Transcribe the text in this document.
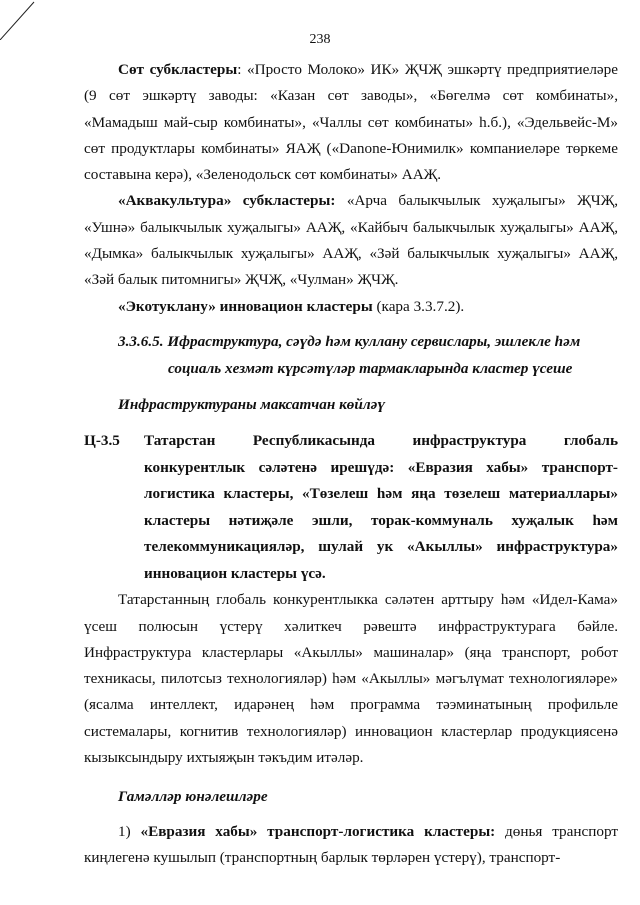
238

Сөт субкластеры: «Просто Молоко» ИК» ҖЧҖ эшкәртү предприятиеләре (9 сөт эшкәртү заводы: «Казан сөт заводы», «Бөгелмә сөт комбинаты», «Мамадыш май-сыр комбинаты», «Чаллы сөт комбинаты» һ.б.), «Эдельвейс-М» сөт продуктлары комбинаты» ЯАҖ («Danone-Юнимилк» компаниеләре төркеме составына керә), «Зеленодольск сөт комбинаты» ААҖ.

«Аквакультура» субкластеры: «Арча балыкчылык хуҗалыгы» ҖЧҖ, «Ушнә» балыкчылык хуҗалыгы» ААҖ, «Кайбыч балыкчылык хуҗалыгы» ААҖ, «Дымка» балыкчылык хуҗалыгы» ААҖ, «Зәй балыкчылык хуҗалыгы» ААҖ, «Зәй балык питомнигы» ҖЧҖ, «Чулман» ҖЧҖ.

«Экотуклану» инновацион кластеры (кара 3.3.7.2).

3.3.6.5. Ифраструктура, сәүдә һәм куллану сервислары, эшлекле һәм
социаль хезмәт күрсәтүләр тармакларында кластер үсеше
Инфраструктураны максатчан көйләү
Ц-3.5	Татарстан Республикасында инфраструктура глобаль конкурентлык сәләтенә ирешүдә: «Евразия хабы» транспорт-логистика кластеры, «Төзелеш һәм яңа төзелеш материаллары» кластеры нәтиҗәле эшли, торак-коммуналь хуҗалык һәм телекоммуникацияләр, шулай ук «Акыллы» инфраструктура» инновацион кластеры үсә.

Татарстанның глобаль конкурентлыкка сәләтен арттыру һәм «Идел-Кама» үсеш полюсын үстерү хәлиткеч рәвештә инфраструктурага бәйле. Инфраструктура кластерлары «Акыллы» машиналар» (яңа транспорт, робот техникасы, пилотсыз технологияләр) һәм «Акыллы» мәгълүмат технологияләре» (ясалма интеллект, идарәнең һәм программа тәэминатының профильле системалары, когнитив технологияләр) инновацион кластерлар продукциясенә кызыксындыру ихтыяҗын тәкъдим итәләр.

Гамәлләр юнәлешләре

1) «Евразия хабы» транспорт-логистика кластеры: дөнья транспорт киңлегенә кушылып (транспортның барлык төрләрен үстерү), транспорт-
